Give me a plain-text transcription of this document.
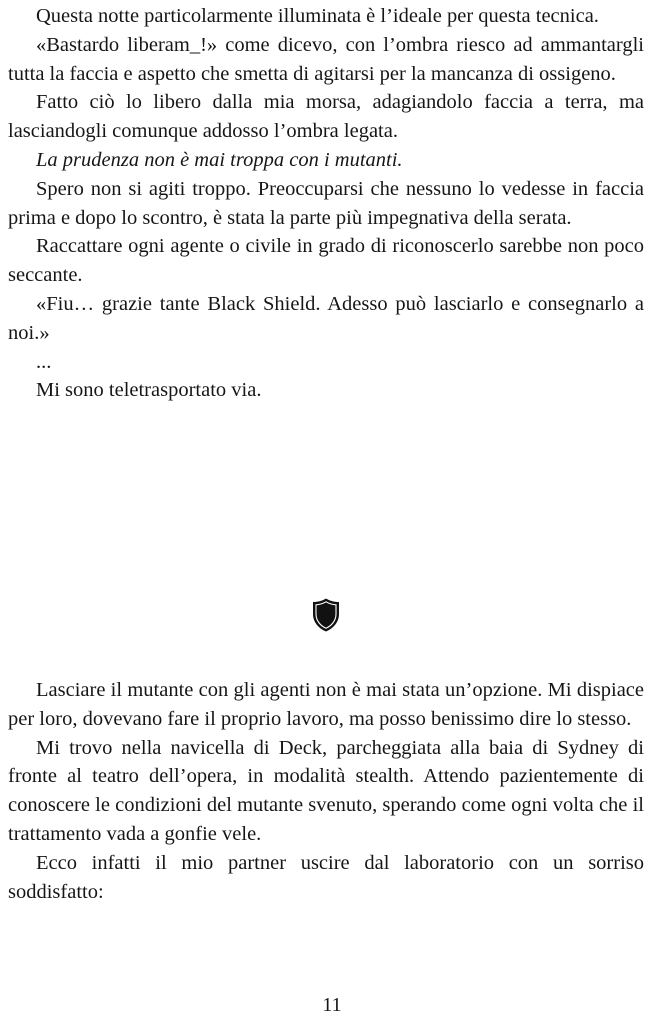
Questa notte particolarmente illuminata è l’ideale per questa tecnica.

«Bastardo liberam_!» come dicevo, con l’ombra riesco ad ammantargli tutta la faccia e aspetto che smetta di agitarsi per la mancanza di ossigeno.

Fatto ciò lo libero dalla mia morsa, adagiandolo faccia a terra, ma lasciandogli comunque addosso l’ombra legata.

La prudenza non è mai troppa con i mutanti.

Spero non si agiti troppo. Preoccuparsi che nessuno lo vedesse in faccia prima e dopo lo scontro, è stata la parte più impegnativa della serata.

Raccattare ogni agente o civile in grado di riconoscerlo sarebbe non poco seccante.

«Fiu… grazie tante Black Shield. Adesso può lasciarlo e consegnarlo a noi.»

...

Mi sono teletrasportato via.

Lasciare il mutante con gli agenti non è mai stata un’opzione. Mi dispiace per loro, dovevano fare il proprio lavoro, ma posso benissimo dire lo stesso.

Mi trovo nella navicella di Deck, parcheggiata alla baia di Sydney di fronte al teatro dell’opera, in modalità stealth. Attendo pazientemente di conoscere le condizioni del mutante svenuto, sperando come ogni volta che il trattamento vada a gonfie vele.

Ecco infatti il mio partner uscire dal laboratorio con un sorriso soddisfatto:

11
